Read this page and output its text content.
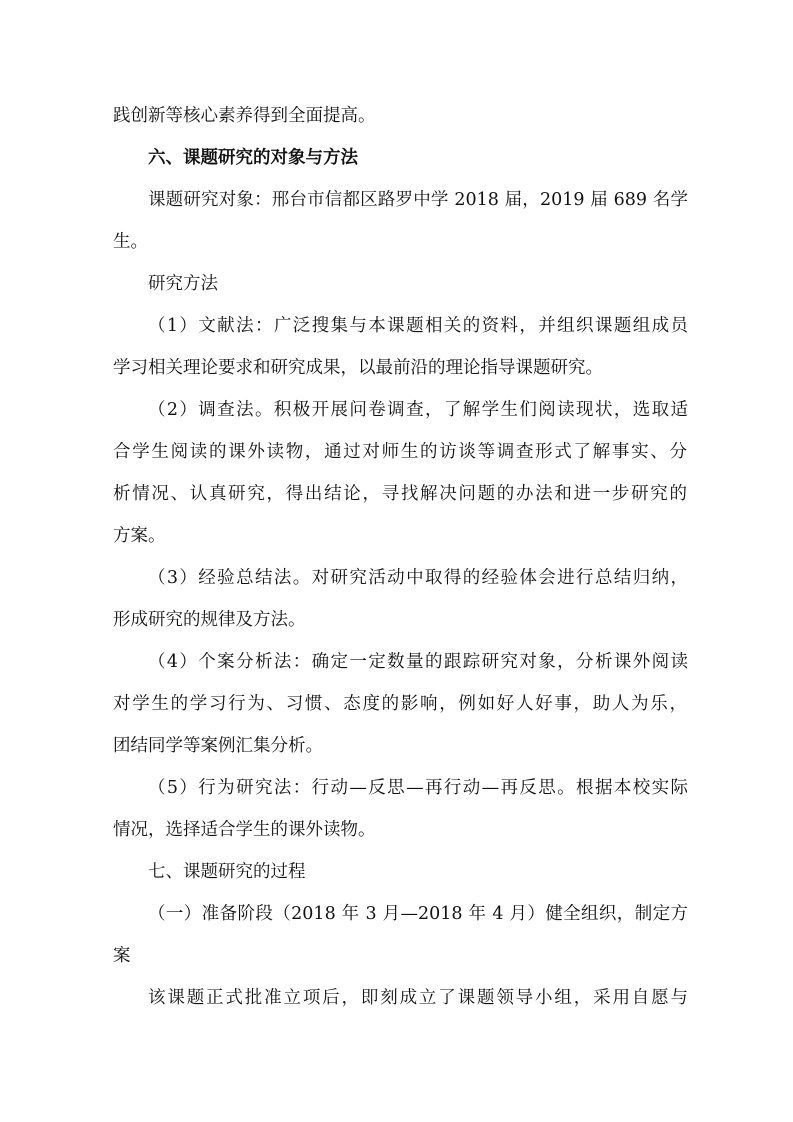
践创新等核心素养得到全面提高。
六、课题研究的对象与方法
课题研究对象：邢台市信都区路罗中学 2018 届，2019 届 689 名学
生。
研究方法
（1）文献法：广泛搜集与本课题相关的资料，并组织课题组成员
学习相关理论要求和研究成果，以最前沿的理论指导课题研究。
（2）调查法。积极开展问卷调查，了解学生们阅读现状，选取适
合学生阅读的课外读物，通过对师生的访谈等调查形式了解事实、分
析情况、认真研究，得出结论，寻找解决问题的办法和进一步研究的
方案。
（3）经验总结法。对研究活动中取得的经验体会进行总结归纳，
形成研究的规律及方法。
（4）个案分析法：确定一定数量的跟踪研究对象，分析课外阅读
对学生的学习行为、习惯、态度的影响，例如好人好事，助人为乐，
团结同学等案例汇集分析。
（5）行为研究法：行动—反思—再行动—再反思。根据本校实际
情况，选择适合学生的课外读物。
七、课题研究的过程
（一）准备阶段（2018 年 3 月—2018 年 4 月）健全组织，制定方
案
该课题正式批准立项后，即刻成立了课题领导小组，采用自愿与
